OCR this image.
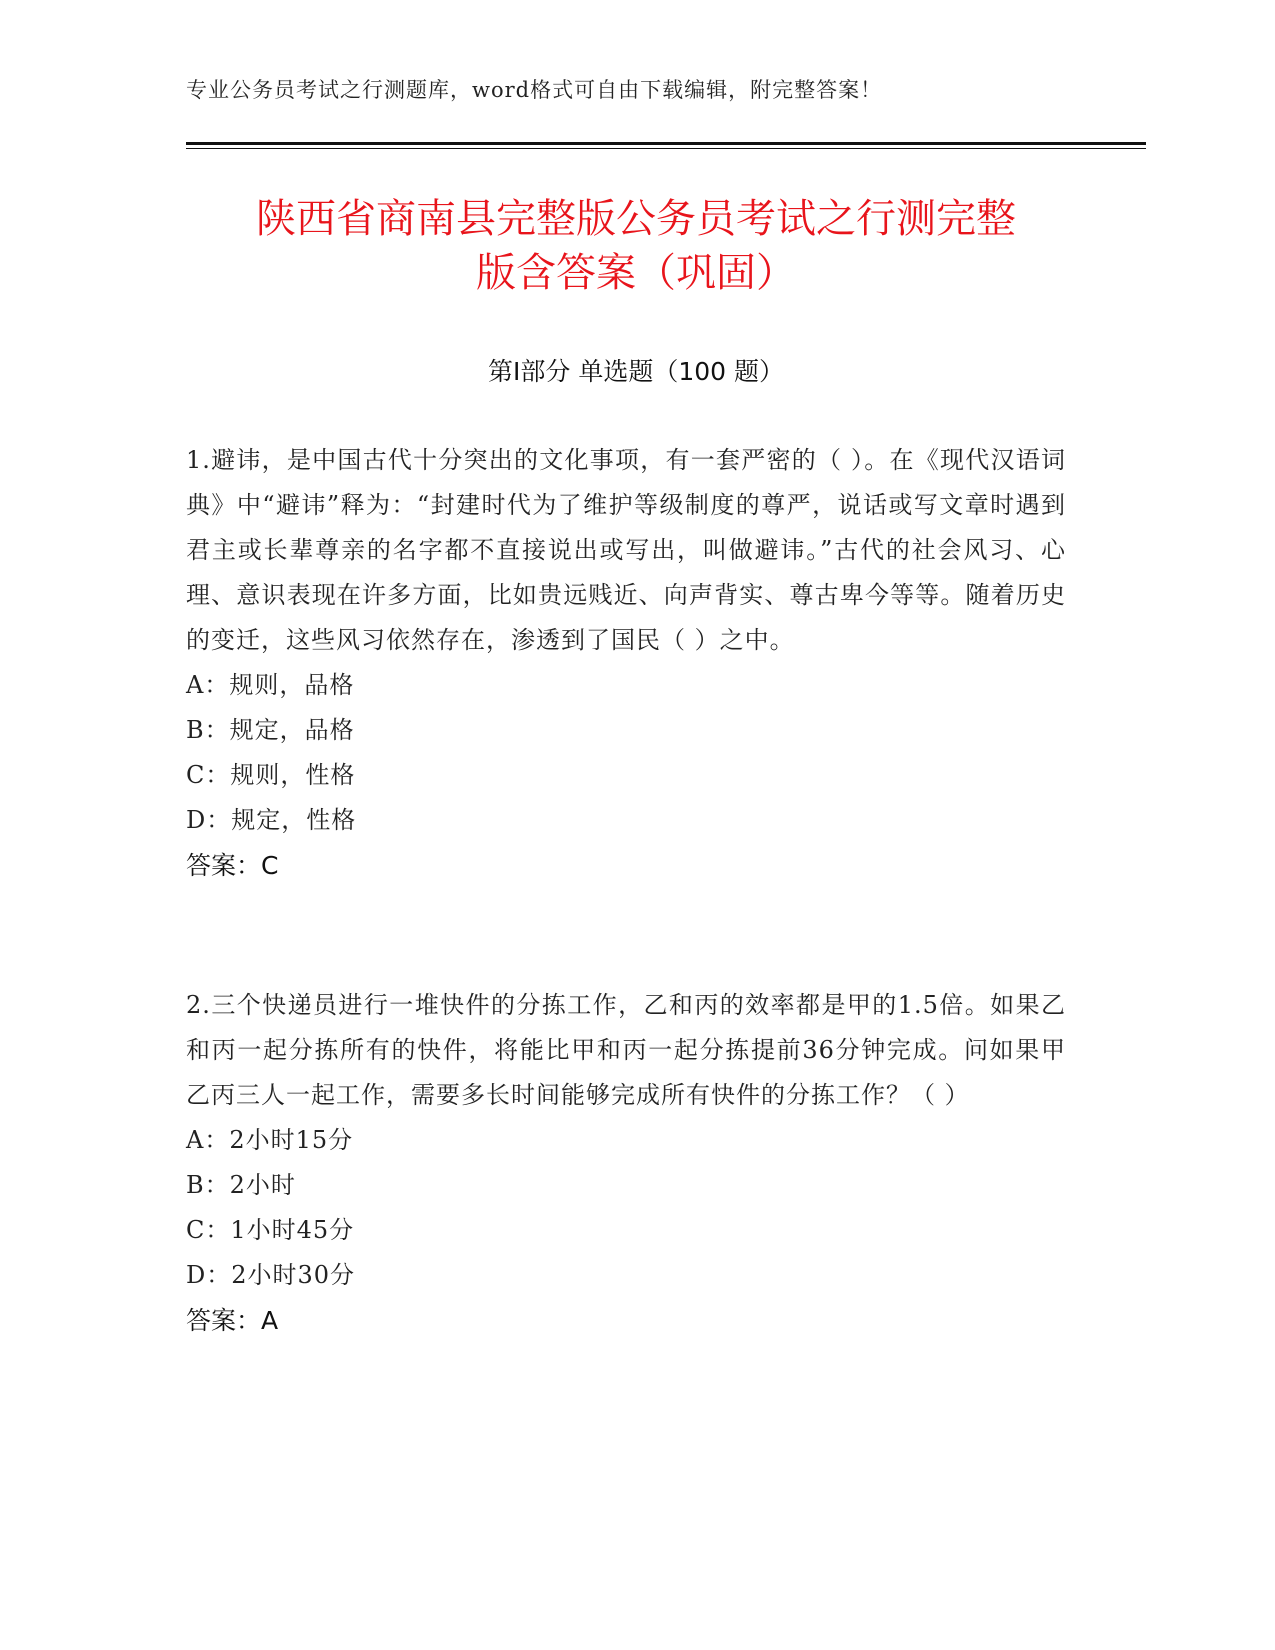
专业公务员考试之行测题库，word格式可自由下载编辑，附完整答案！
陕西省商南县完整版公务员考试之行测完整
版含答案（巩固）
第Ⅰ部分 单选题（100 题）

1.避讳，是中国古代十分突出的文化事项，有一套严密的（ ）。在《现代汉语词典》中“避讳”释为：“封建时代为了维护等级制度的尊严，说话或写文章时遇到君主或长辈尊亲的名字都不直接说出或写出，叫做避讳。”古代的社会风习、心理、意识表现在许多方面，比如贵远贱近、向声背实、尊古卑今等等。随着历史的变迁，这些风习依然存在，渗透到了国民（ ）之中。

A：规则，品格

B：规定，品格

C：规则，性格

D：规定，性格

答案：C

2.三个快递员进行一堆快件的分拣工作，乙和丙的效率都是甲的1.5倍。如果乙和丙一起分拣所有的快件，将能比甲和丙一起分拣提前36分钟完成。问如果甲乙丙三人一起工作，需要多长时间能够完成所有快件的分拣工作？（ ）

A：2小时15分

B：2小时

C：1小时45分

D：2小时30分

答案：A
